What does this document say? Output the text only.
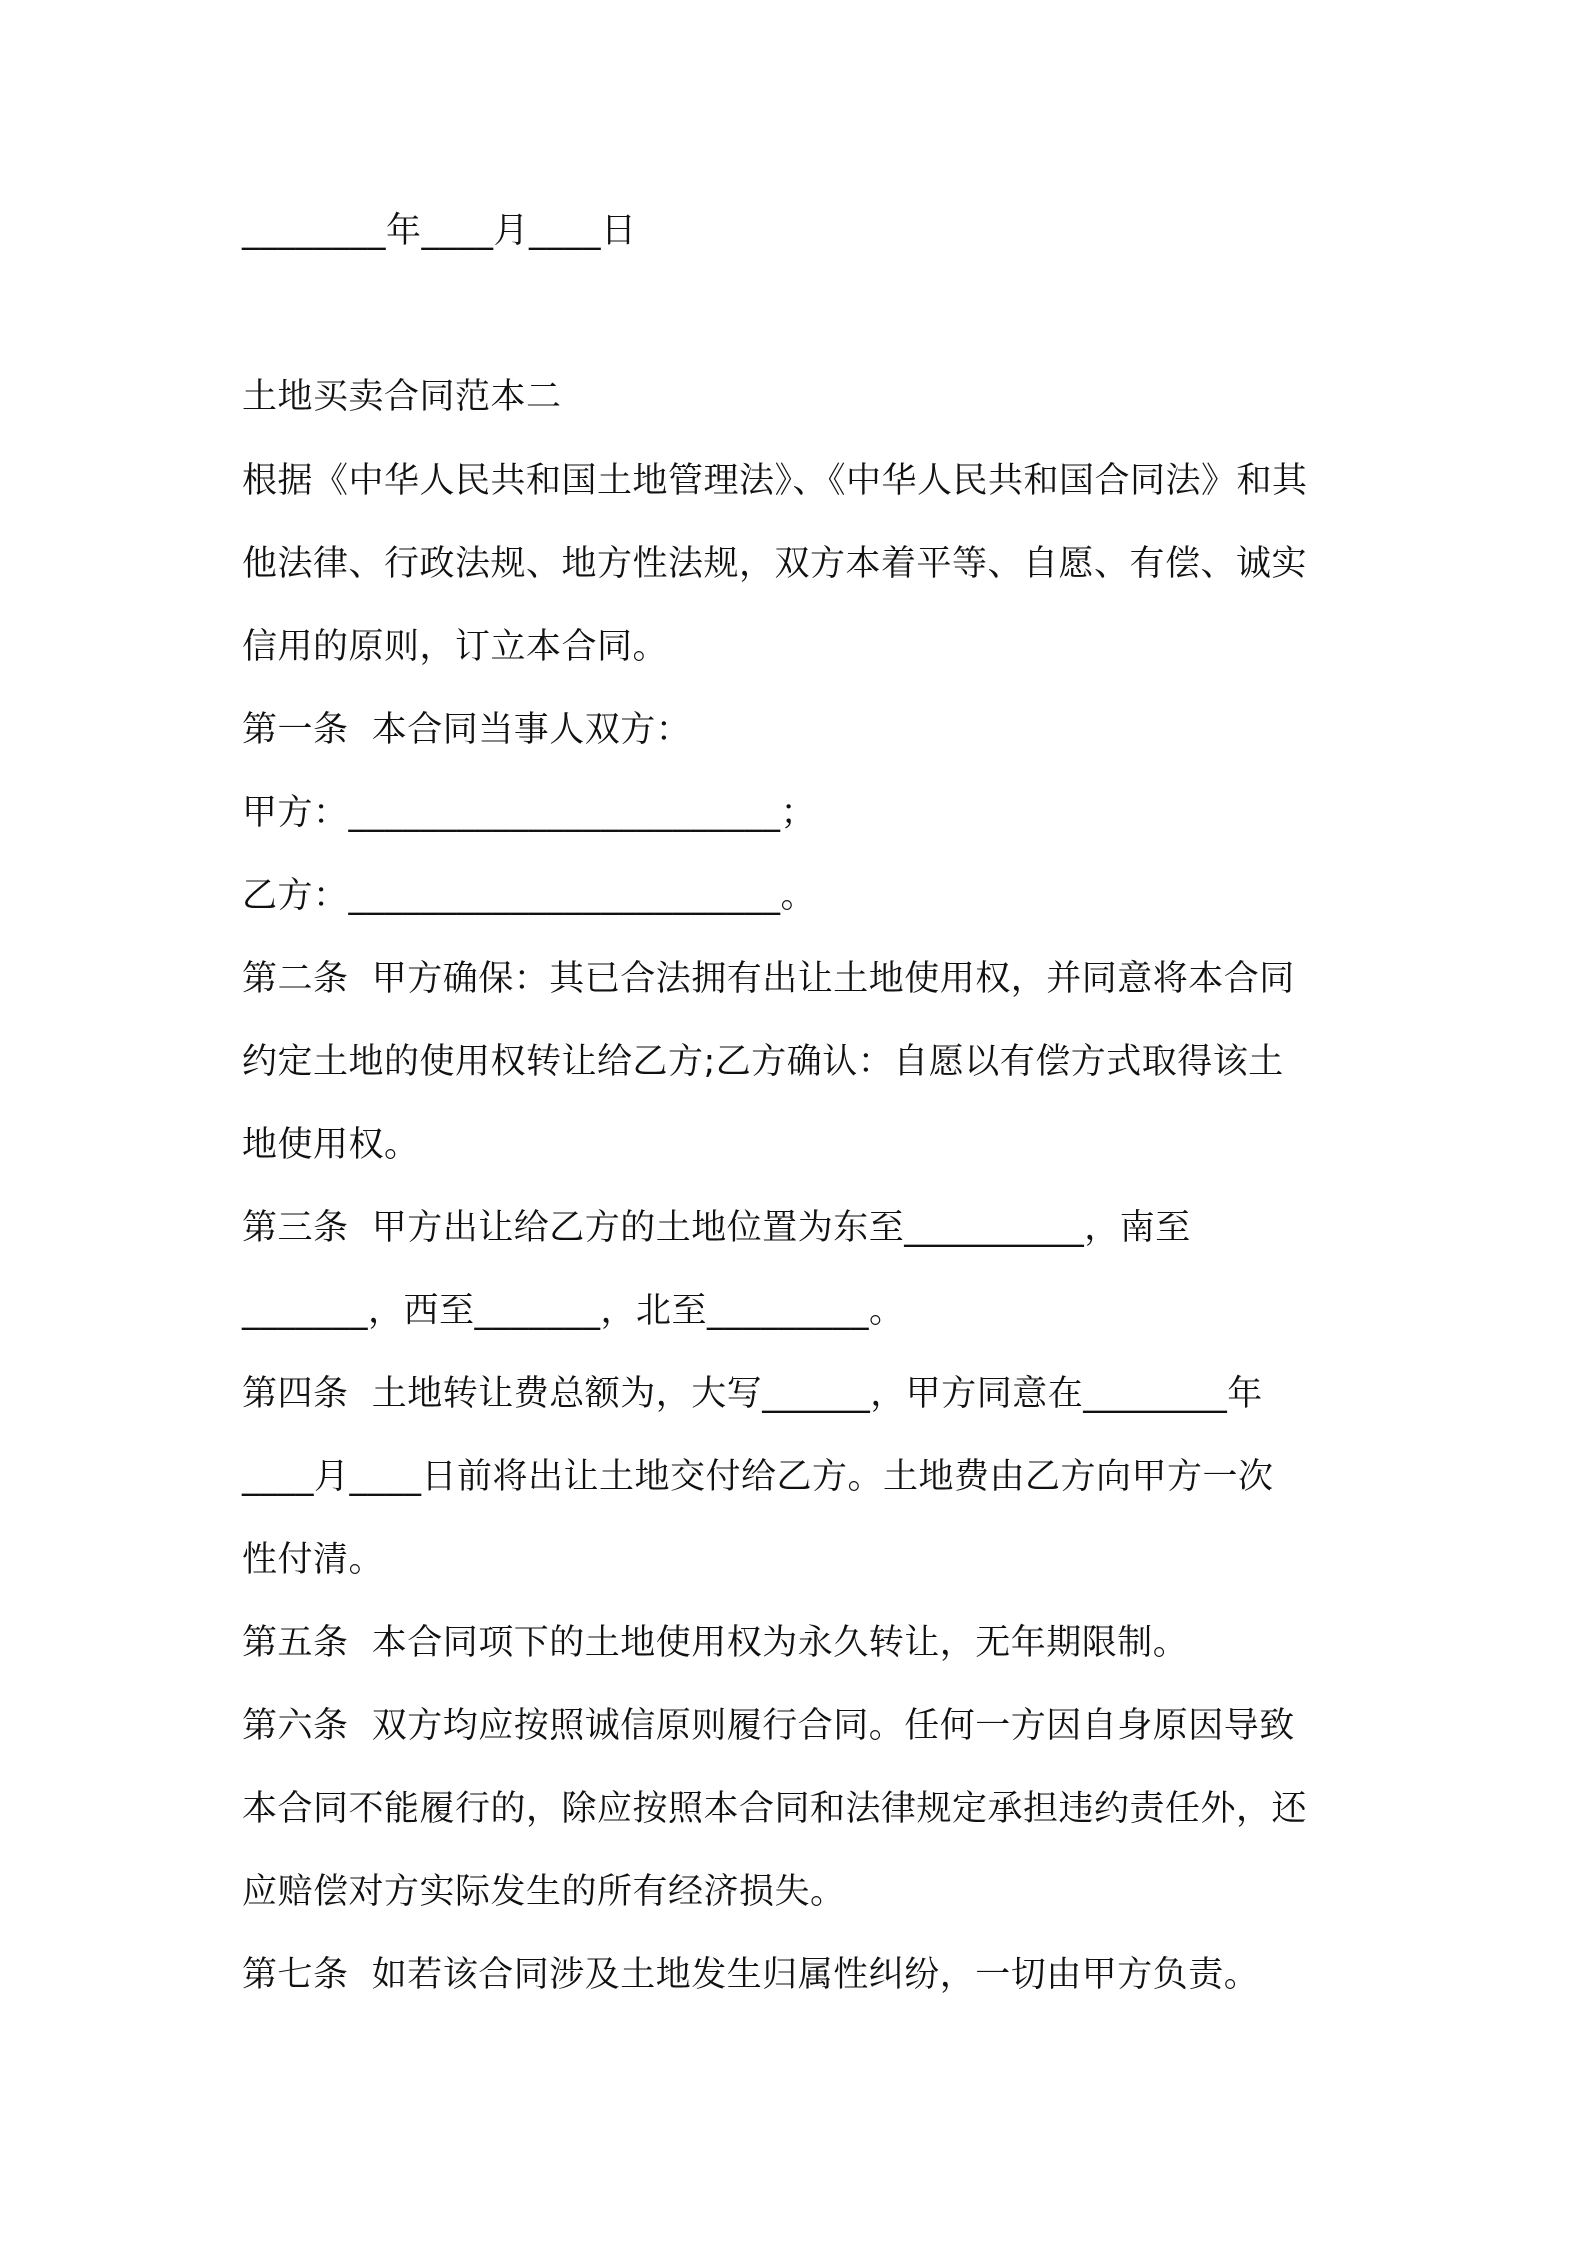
________年____月____日
土地买卖合同范本二
根据《中华人民共和国土地管理法》、《中华人民共和国合同法》和其
他法律、行政法规、地方性法规，双方本着平等、自愿、有偿、诚实
信用的原则，订立本合同。
第一条  本合同当事人双方：
甲方：________________________；
乙方：________________________。
第二条  甲方确保：其已合法拥有出让土地使用权，并同意将本合同
约定土地的使用权转让给乙方;乙方确认：自愿以有偿方式取得该土
地使用权。
第三条  甲方出让给乙方的土地位置为东至__________，南至
_______，西至_______，北至_________。
第四条  土地转让费总额为，大写______，甲方同意在________年
____月____日前将出让土地交付给乙方。土地费由乙方向甲方一次
性付清。
第五条  本合同项下的土地使用权为永久转让，无年期限制。
第六条  双方均应按照诚信原则履行合同。任何一方因自身原因导致
本合同不能履行的，除应按照本合同和法律规定承担违约责任外，还
应赔偿对方实际发生的所有经济损失。
第七条  如若该合同涉及土地发生归属性纠纷，一切由甲方负责。
